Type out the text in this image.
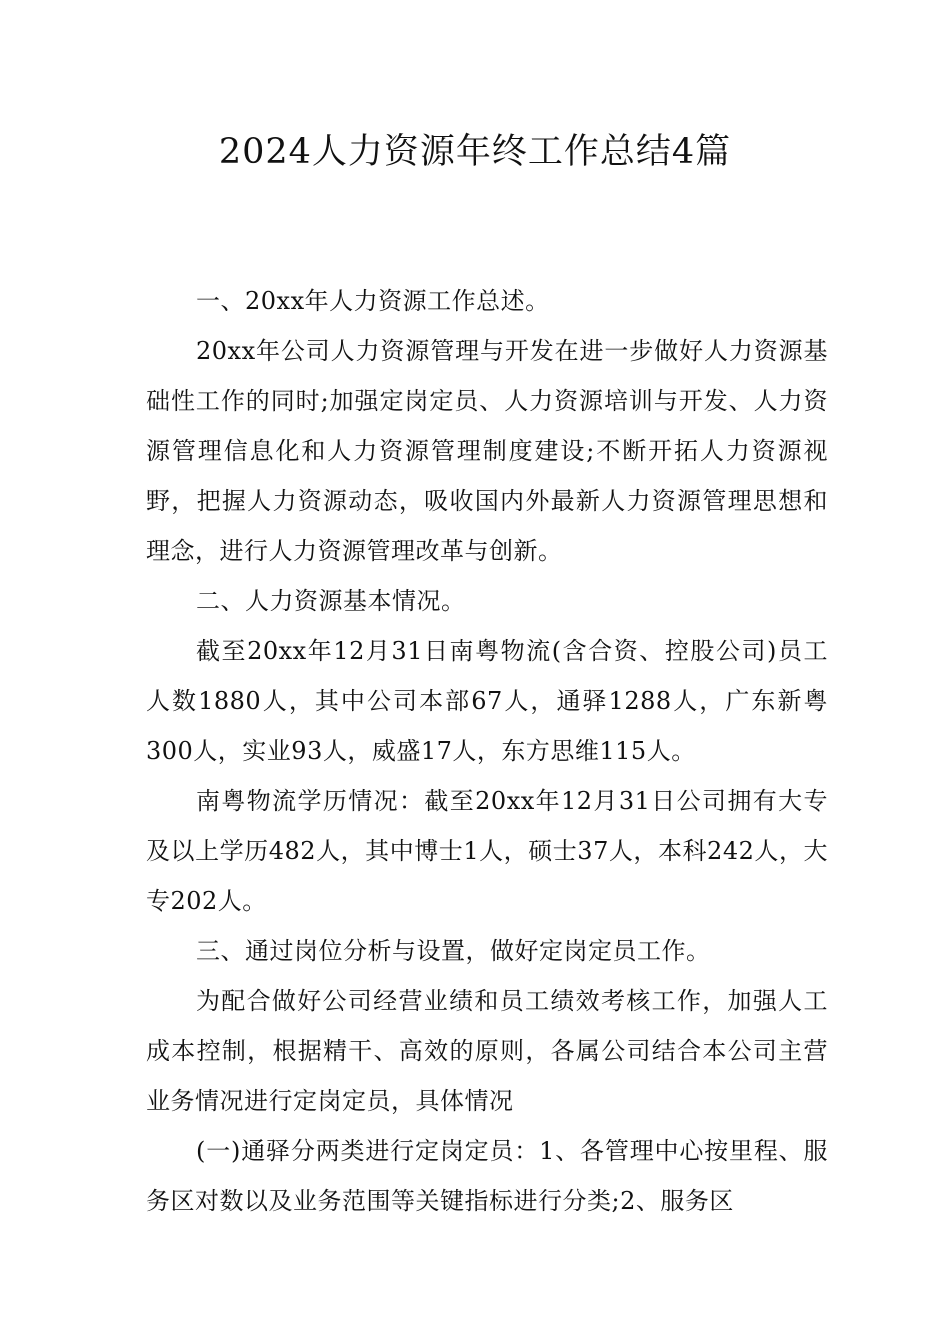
2024人力资源年终工作总结4篇

一、20xx年人力资源工作总述。

20xx年公司人力资源管理与开发在进一步做好人力资源基础性工作的同时;加强定岗定员、人力资源培训与开发、人力资源管理信息化和人力资源管理制度建设;不断开拓人力资源视野，把握人力资源动态，吸收国内外最新人力资源管理思想和理念，进行人力资源管理改革与创新。

二、人力资源基本情况。

截至20xx年12月31日南粤物流(含合资、控股公司)员工人数1880人，其中公司本部67人，通驿1288人，广东新粤300人，实业93人，威盛17人，东方思维115人。

南粤物流学历情况：截至20xx年12月31日公司拥有大专及以上学历482人，其中博士1人，硕士37人，本科242人，大专202人。

三、通过岗位分析与设置，做好定岗定员工作。

为配合做好公司经营业绩和员工绩效考核工作，加强人工成本控制，根据精干、高效的原则，各属公司结合本公司主营业务情况进行定岗定员，具体情况

(一)通驿分两类进行定岗定员：1、各管理中心按里程、服务区对数以及业务范围等关键指标进行分类;2、服务区
